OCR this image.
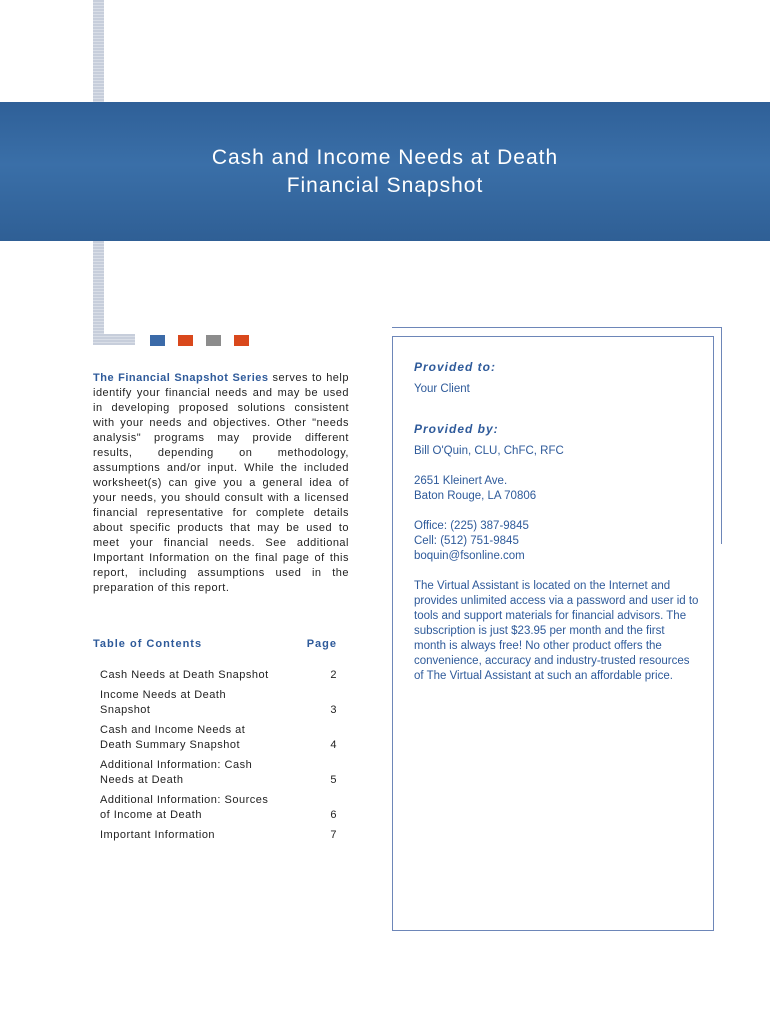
Cash and Income Needs at Death
Financial Snapshot
The Financial Snapshot Series serves to help identify your financial needs and may be used in developing proposed solutions consistent with your needs and objectives. Other "needs analysis" programs may provide different results, depending on methodology, assumptions and/or input. While the included worksheet(s) can give you a general idea of your needs, you should consult with a licensed financial representative for complete details about specific products that may be used to meet your financial needs. See additional Important Information on the final page of this report, including assumptions used in the preparation of this report.
Table of Contents	Page
Cash Needs at Death Snapshot	2
Income Needs at Death Snapshot	3
Cash and Income Needs at Death Summary Snapshot	4
Additional Information: Cash Needs at Death	5
Additional Information: Sources of Income at Death	6
Important Information	7
Provided to:
Your Client
Provided by:
Bill O'Quin, CLU, ChFC, RFC
2651 Kleinert Ave.
Baton Rouge, LA 70806
Office: (225) 387-9845
Cell: (512) 751-9845
boquin@fsonline.com
The Virtual Assistant is located on the Internet and provides unlimited access via a password and user id to tools and support materials for financial advisors. The subscription is just $23.95 per month and the first month is always free! No other product offers the convenience, accuracy and industry-trusted resources of The Virtual Assistant at such an affordable price.
